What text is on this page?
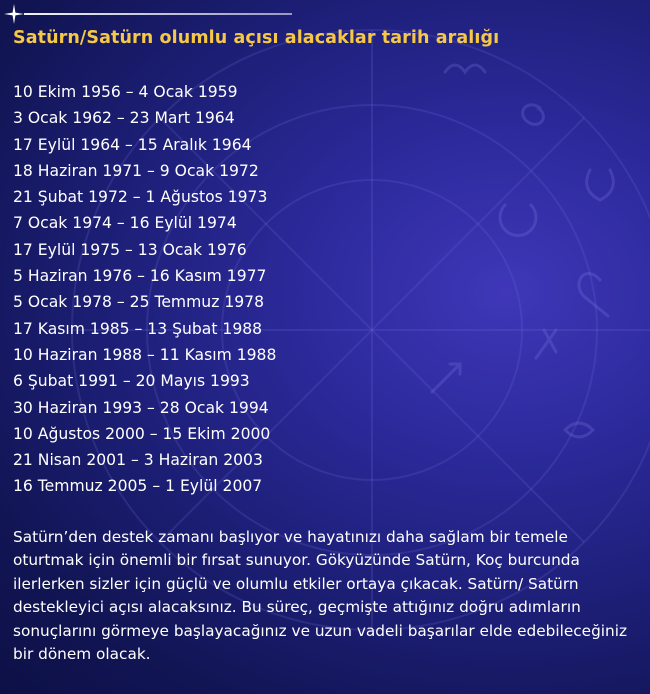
Satürn/Satürn olumlu açısı alacaklar tarih aralığı
10 Ekim 1956 – 4 Ocak 1959
3 Ocak 1962 – 23 Mart 1964
17 Eylül 1964 – 15 Aralık 1964
18 Haziran 1971 – 9 Ocak 1972
21 Şubat 1972 – 1 Ağustos 1973
7 Ocak 1974 – 16 Eylül 1974
17 Eylül 1975 – 13 Ocak 1976
5 Haziran 1976 – 16 Kasım 1977
5 Ocak 1978 – 25 Temmuz 1978
17 Kasım 1985 – 13 Şubat 1988
10 Haziran 1988 – 11 Kasım 1988
6 Şubat 1991 – 20 Mayıs 1993
30 Haziran 1993 – 28 Ocak 1994
10 Ağustos 2000 – 15 Ekim 2000
21 Nisan 2001 – 3 Haziran 2003
16 Temmuz 2005 – 1 Eylül 2007

Satürn’den destek zamanı başlıyor ve hayatınızı daha sağlam bir temele oturtmak için önemli bir fırsat sunuyor. Gökyüzünde Satürn, Koç burcunda ilerlerken sizler için güçlü ve olumlu etkiler ortaya çıkacak. Satürn/ Satürn destekleyici açısı alacaksınız. Bu süreç, geçmişte attığınız doğru adımların sonuçlarını görmeye başlayacağınız ve uzun vadeli başarılar elde edebileceğiniz bir dönem olacak.
